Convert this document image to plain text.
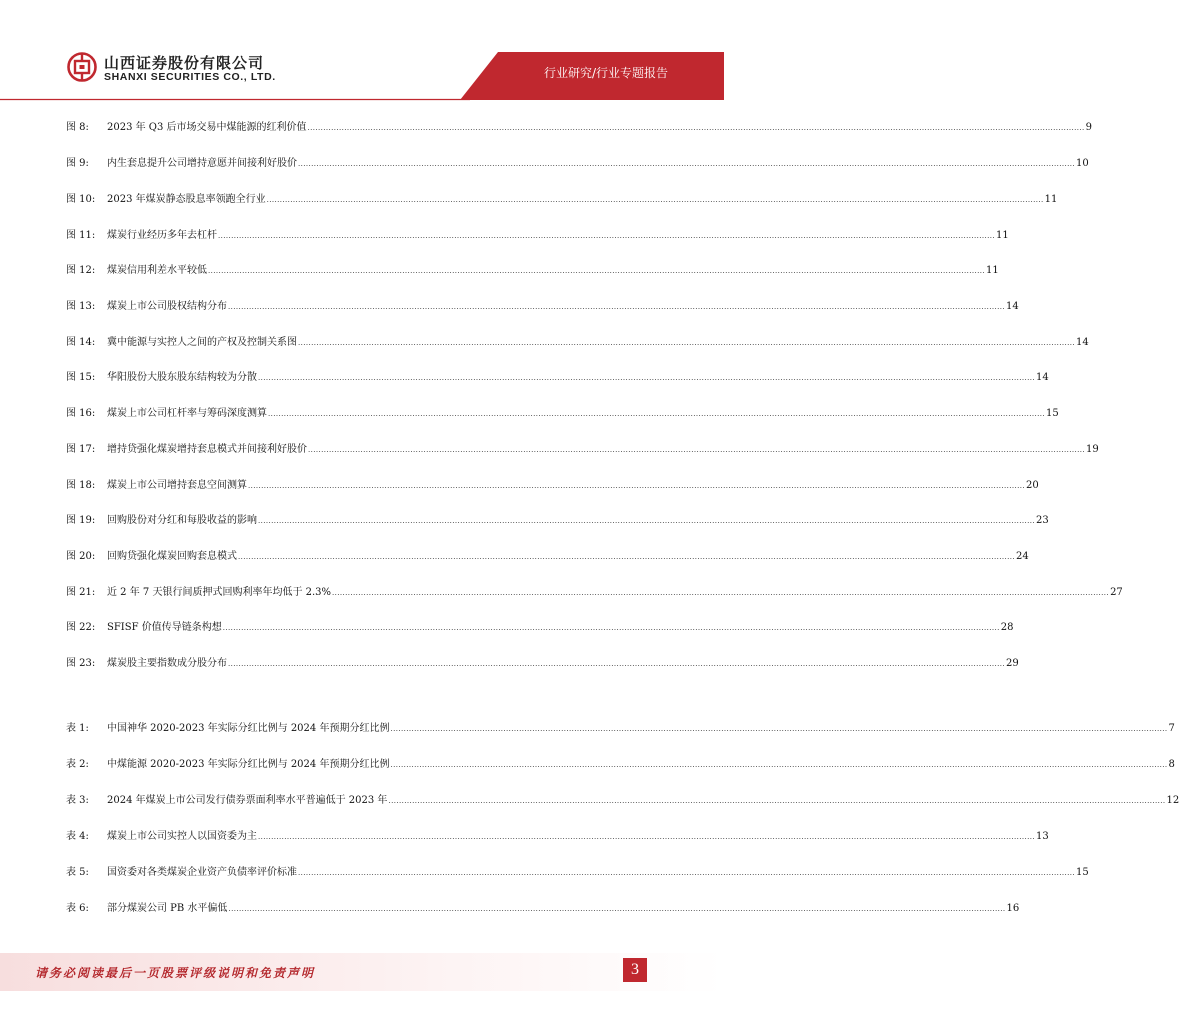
行业研究/行业专题报告
山西证券股份有限公司
SHANXI SECURITIES CO., LTD.
图 8:	2023 年 Q3 后市场交易中煤能源的红利价值 ........................................................................................................................................................................................................................................................................................................ 9
图 9:	内生套息提升公司增持意愿并间接利好股价 ........................................................................................................................................................................................................................................................................................................ 10
图 10:	2023 年煤炭静态股息率领跑全行业 ........................................................................................................................................................................................................................................................................................................ 11
图 11:	煤炭行业经历多年去杠杆 ........................................................................................................................................................................................................................................................................................................ 11
图 12:	煤炭信用利差水平较低 ........................................................................................................................................................................................................................................................................................................ 11
图 13:	煤炭上市公司股权结构分布 ........................................................................................................................................................................................................................................................................................................ 14
图 14:	冀中能源与实控人之间的产权及控制关系图 ........................................................................................................................................................................................................................................................................................................ 14
图 15:	华阳股份大股东股东结构较为分散 ........................................................................................................................................................................................................................................................................................................ 14
图 16:	煤炭上市公司杠杆率与筹码深度测算 ........................................................................................................................................................................................................................................................................................................ 15
图 17:	增持贷强化煤炭增持套息模式并间接利好股价 ........................................................................................................................................................................................................................................................................................................ 19
图 18:	煤炭上市公司增持套息空间测算 ........................................................................................................................................................................................................................................................................................................ 20
图 19:	回购股份对分红和每股收益的影响 ........................................................................................................................................................................................................................................................................................................ 23
图 20:	回购贷强化煤炭回购套息模式 ........................................................................................................................................................................................................................................................................................................ 24
图 21:	近 2 年 7 天银行间质押式回购利率年均低于 2.3% ........................................................................................................................................................................................................................................................................................................ 27
图 22:	SFISF 价值传导链条构想 ........................................................................................................................................................................................................................................................................................................ 28
图 23:	煤炭股主要指数成分股分布 ........................................................................................................................................................................................................................................................................................................ 29
表 1:	中国神华 2020-2023 年实际分红比例与 2024 年预期分红比例 ........................................................................................................................................................................................................................................................................................................ 7
表 2:	中煤能源 2020-2023 年实际分红比例与 2024 年预期分红比例 ........................................................................................................................................................................................................................................................................................................ 8
表 3:	2024 年煤炭上市公司发行债券票面利率水平普遍低于 2023 年 ........................................................................................................................................................................................................................................................................................................ 12
表 4:	煤炭上市公司实控人以国资委为主 ........................................................................................................................................................................................................................................................................................................ 13
表 5:	国资委对各类煤炭企业资产负债率评价标准 ........................................................................................................................................................................................................................................................................................................ 15
表 6:	部分煤炭公司 PB 水平偏低 ........................................................................................................................................................................................................................................................................................................ 16
请务必阅读最后一页股票评级说明和免责声明	3
